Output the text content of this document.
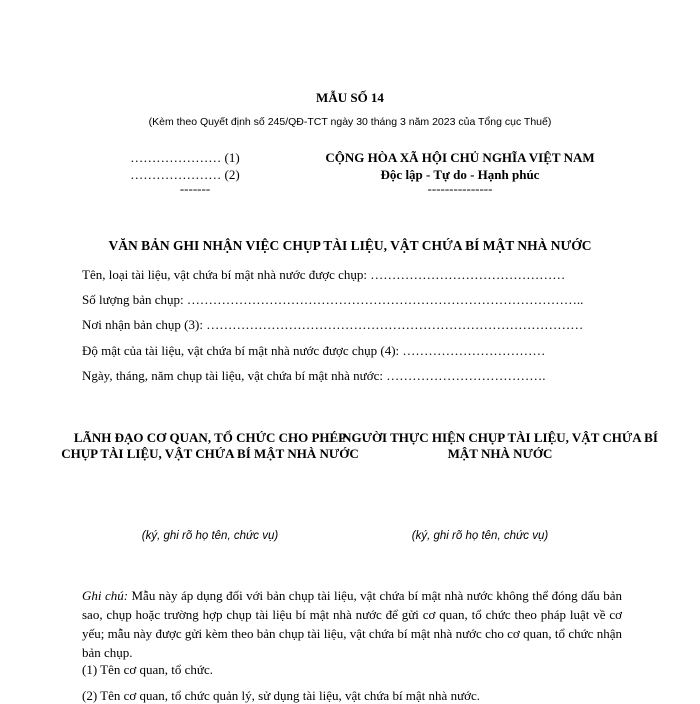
MẪU SỐ 14
(Kèm theo Quyết định số 245/QĐ-TCT ngày 30 tháng 3 năm 2023 của Tổng cục Thuế)
………………… (1)
………………… (2)
-------
CỘNG HÒA XÃ HỘI CHỦ NGHĨA VIỆT NAM
Độc lập - Tự do - Hạnh phúc
---------------
VĂN BẢN GHI NHẬN VIỆC CHỤP TÀI LIỆU, VẬT CHỨA BÍ MẬT NHÀ NƯỚC
Tên, loại tài liệu, vật chứa bí mật nhà nước được chụp: ………………………………………
Số lượng bản chụp: ………………………………………………………………………………..
Nơi nhận bản chụp (3): ……………………………………………………………………………
Độ mật của tài liệu, vật chứa bí mật nhà nước được chụp (4): ……………………………
Ngày, tháng, năm chụp tài liệu, vật chứa bí mật nhà nước: ……………………………….
LÃNH ĐẠO CƠ QUAN, TỔ CHỨC CHO PHÉP CHỤP TÀI LIỆU, VẬT CHỨA BÍ MẬT NHÀ NƯỚC
NGƯỜI THỰC HIỆN CHỤP TÀI LIỆU, VẬT CHỨA BÍ MẬT NHÀ NƯỚC
(ký, ghi rõ họ tên, chức vụ)	(ký, ghi rõ họ tên, chức vụ)
Ghi chú: Mẫu này áp dụng đối với bản chụp tài liệu, vật chứa bí mật nhà nước không thể đóng dấu bản sao, chụp hoặc trường hợp chụp tài liệu bí mật nhà nước để gửi cơ quan, tổ chức theo pháp luật về cơ yếu; mẫu này được gửi kèm theo bản chụp tài liệu, vật chứa bí mật nhà nước cho cơ quan, tổ chức nhận bản chụp.
(1) Tên cơ quan, tổ chức.
(2) Tên cơ quan, tổ chức quản lý, sử dụng tài liệu, vật chứa bí mật nhà nước.
